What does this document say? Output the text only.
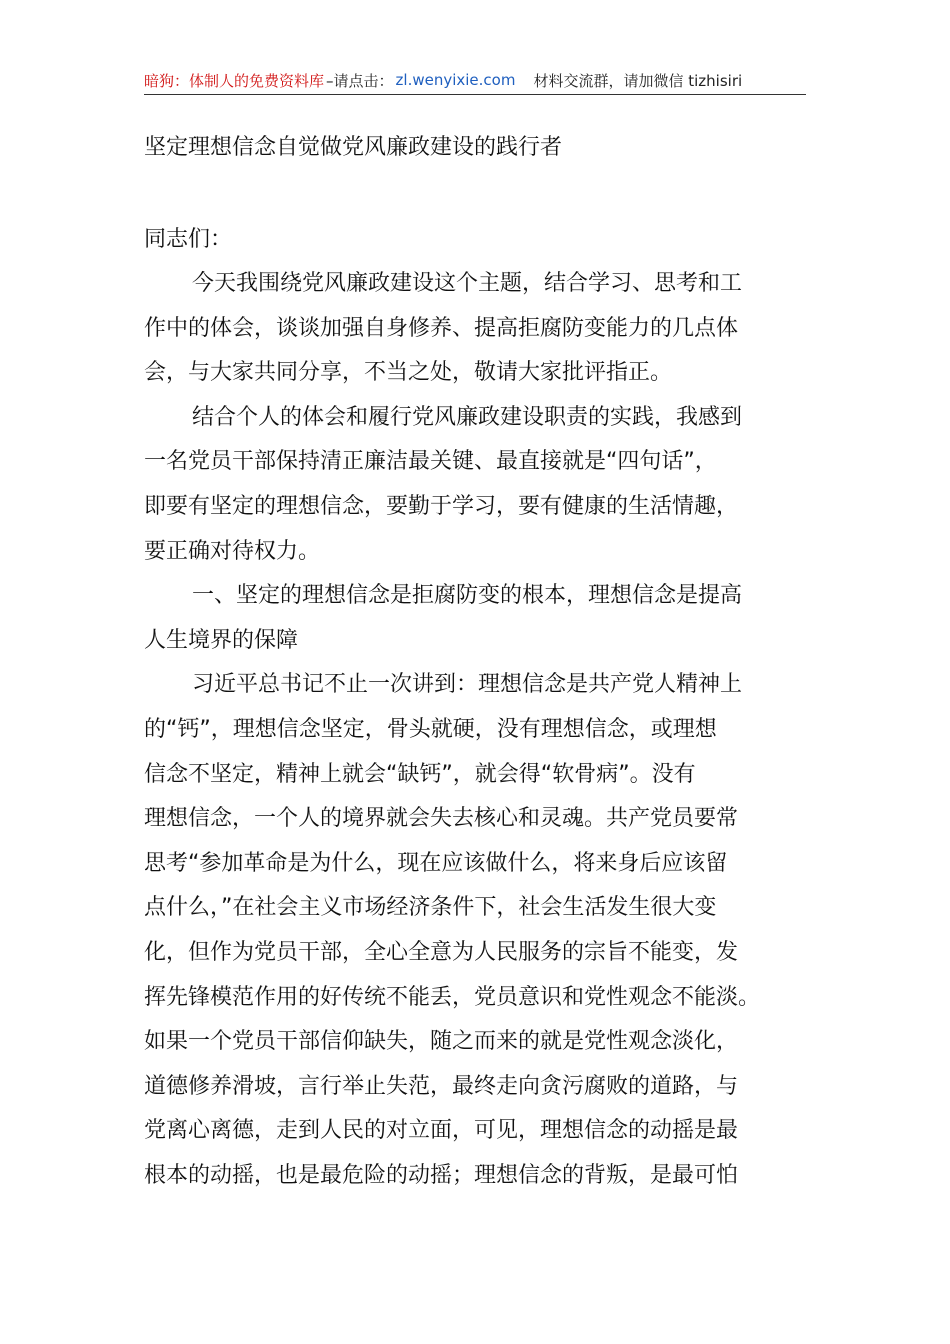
暗狗：体制人的免费资料库 –请点击： zl.wenyixie.com 材料交流群，请加微信 tizhisiri
坚定理想信念自觉做党风廉政建设的践行者
同志们：
今天我围绕党风廉政建设这个主题，结合学习、思考和工
作中的体会，谈谈加强自身修养、提高拒腐防变能力的几点体
会，与大家共同分享，不当之处，敬请大家批评指正。
结合个人的体会和履行党风廉政建设职责的实践，我感到
一名党员干部保持清正廉洁最关键、最直接就是“四句话”，
即要有坚定的理想信念，要勤于学习，要有健康的生活情趣，
要正确对待权力。
一、坚定的理想信念是拒腐防变的根本，理想信念是提高
人生境界的保障
习近平总书记不止一次讲到：理想信念是共产党人精神上
的“钙”，理想信念坚定，骨头就硬，没有理想信念，或理想
信念不坚定，精神上就会“缺钙”，就会得“软骨病”。没有
理想信念，一个人的境界就会失去核心和灵魂。共产党员要常
思考“参加革命是为什么，现在应该做什么，将来身后应该留
点什么，”在社会主义市场经济条件下，社会生活发生很大变
化，但作为党员干部，全心全意为人民服务的宗旨不能变，发
挥先锋模范作用的好传统不能丢，党员意识和党性观念不能淡。
如果一个党员干部信仰缺失，随之而来的就是党性观念淡化，
道德修养滑坡，言行举止失范，最终走向贪污腐败的道路，与
党离心离德，走到人民的对立面，可见，理想信念的动摇是最
根本的动摇，也是最危险的动摇；理想信念的背叛，是最可怕
